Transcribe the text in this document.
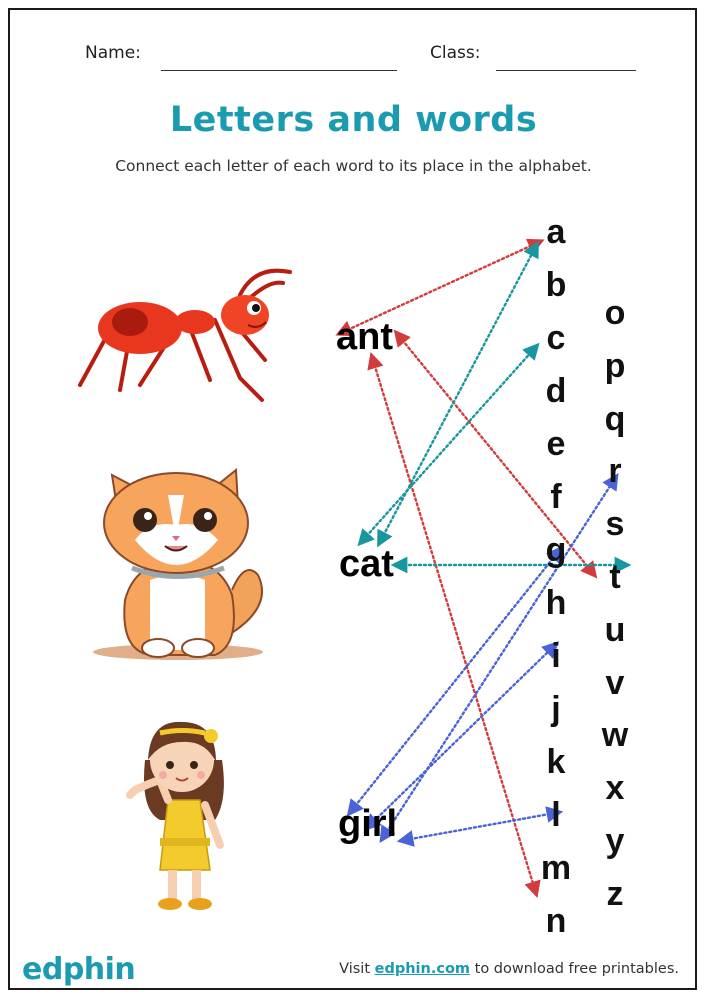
Name:	Class:
Letters and words
Connect each letter of each word to its place in the alphabet.
ant
cat
girl
a
b
c
d
e
f
g
h
i
j
k
l
m
n
o
p
q
r
s
t
u
v
w
x
y
z
edphin	Visit edphin.com to download free printables.
